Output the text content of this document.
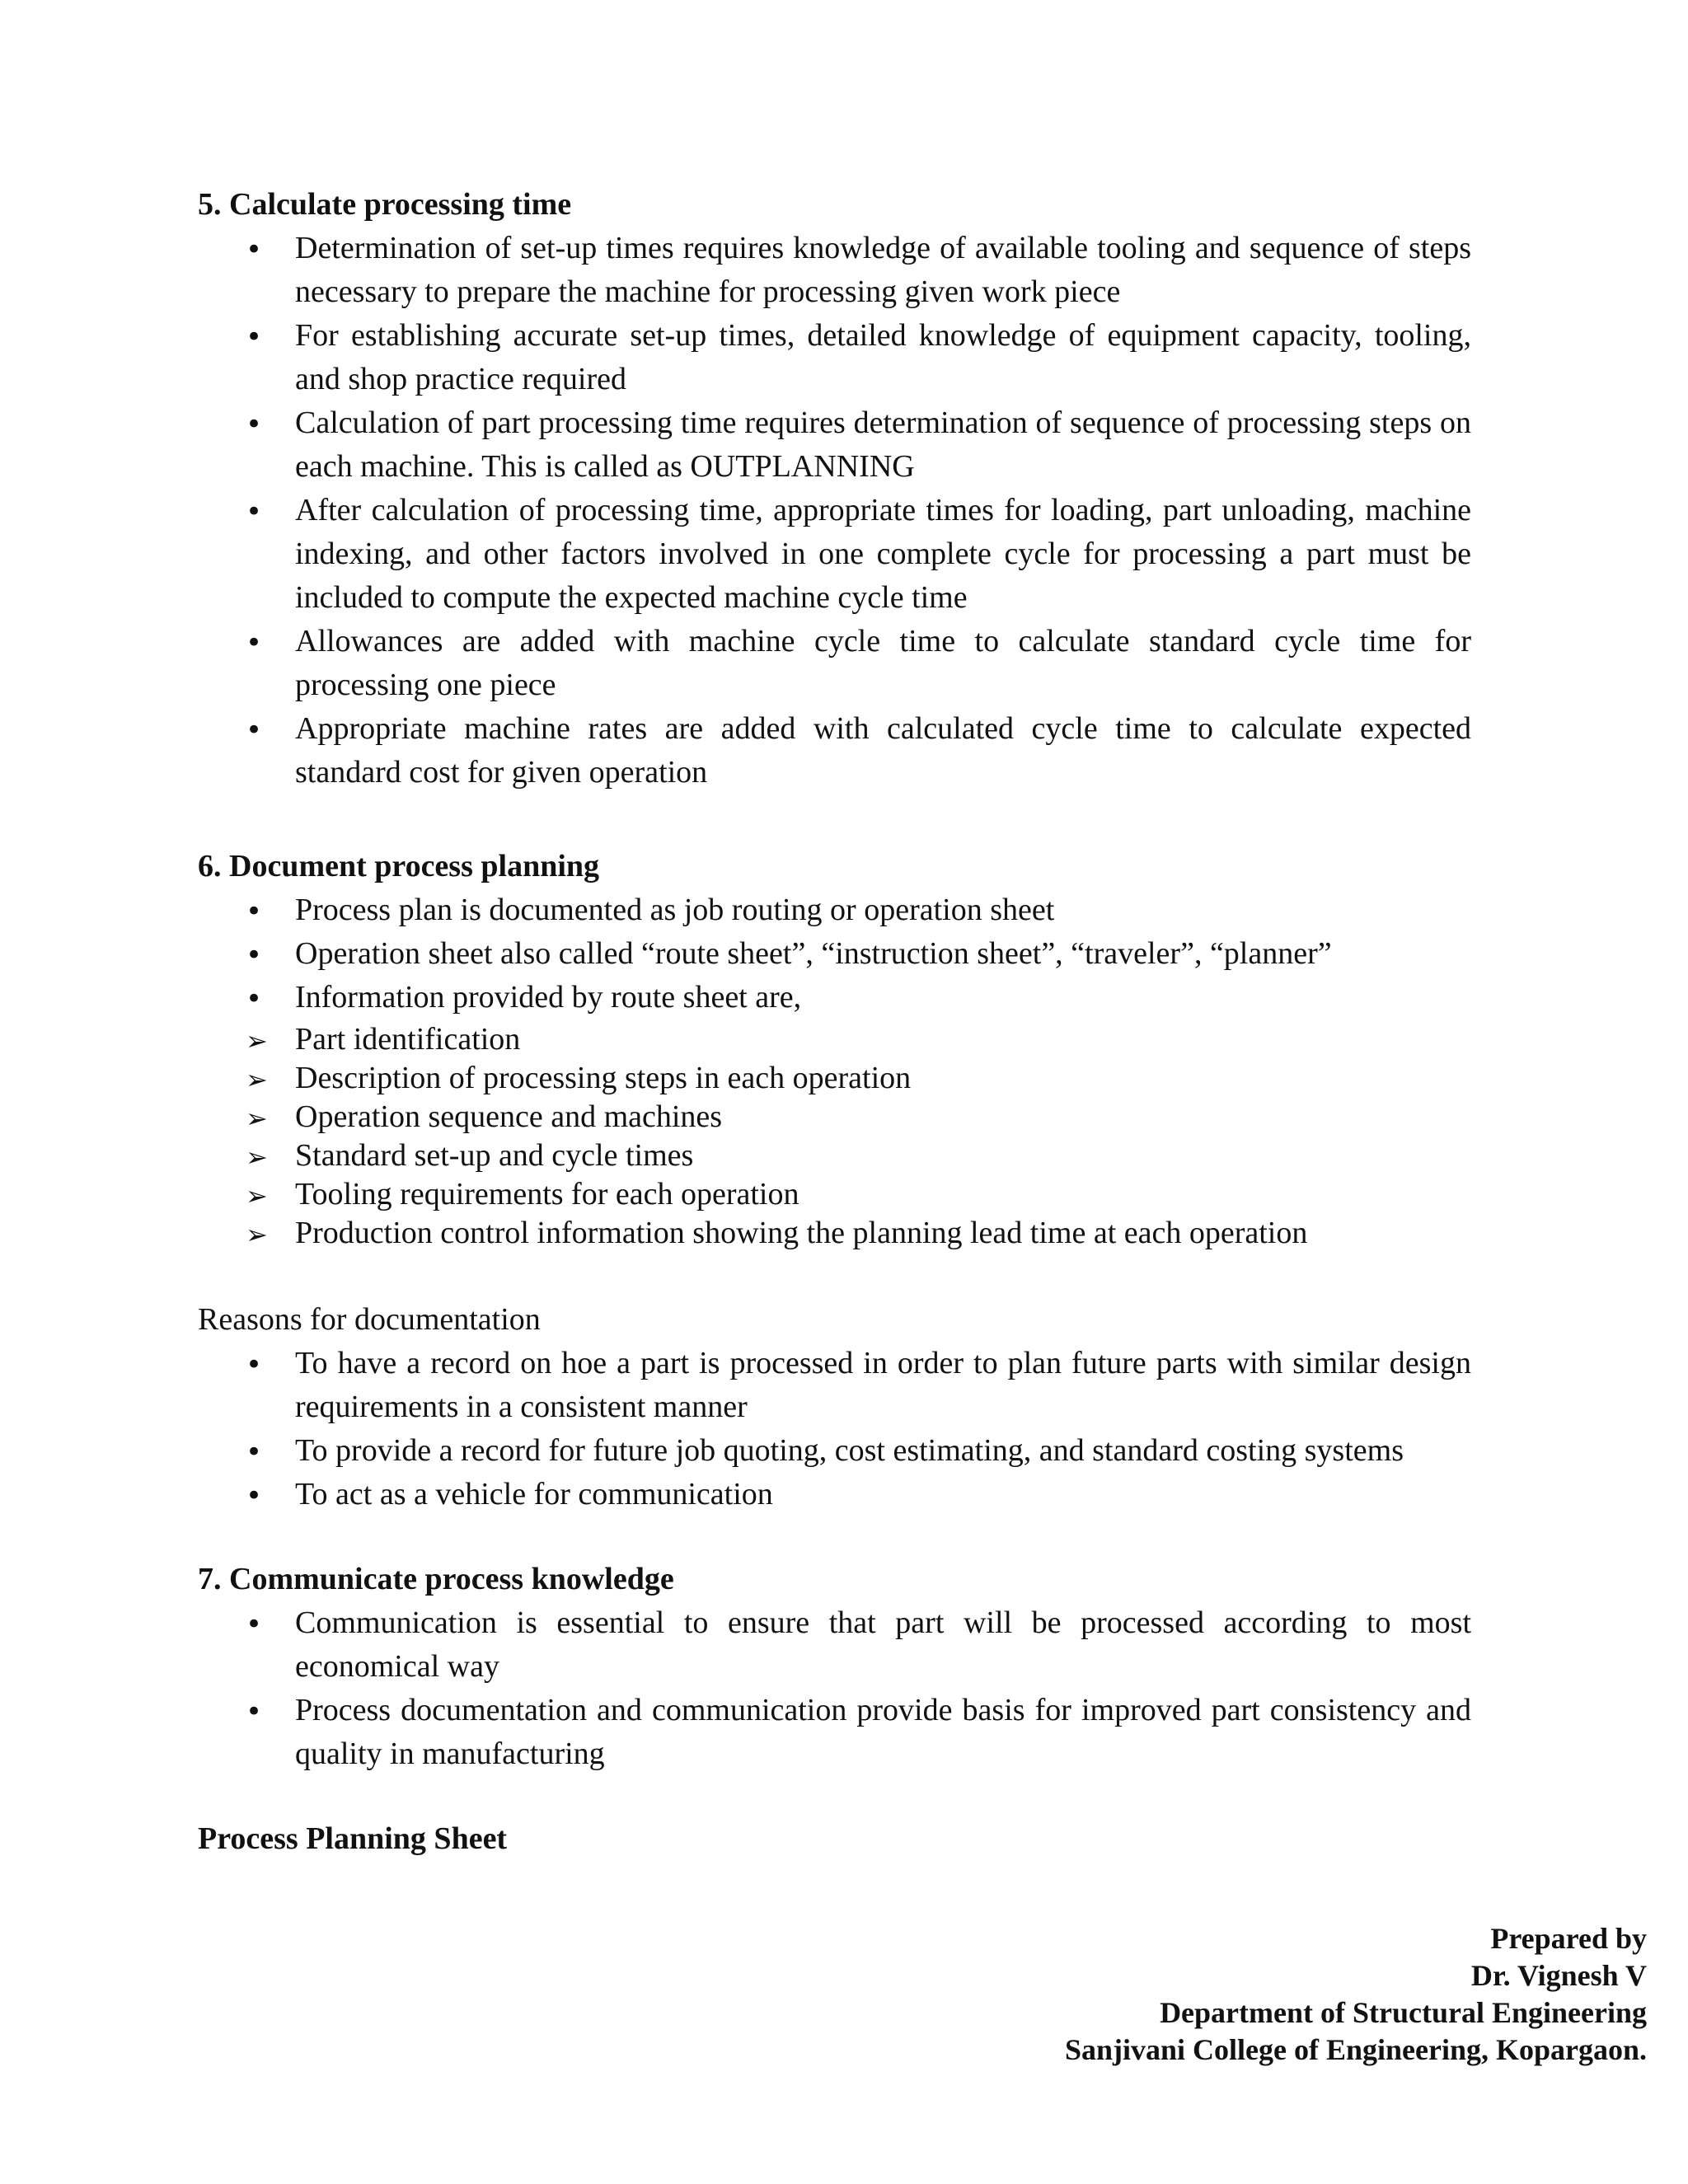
5. Calculate processing time
•
Determination of set-up times requires knowledge of available tooling and sequence of steps necessary to prepare the machine for processing given work piece
•
For establishing accurate set-up times, detailed knowledge of equipment capacity, tooling, and shop practice required
•
Calculation of part processing time requires determination of sequence of processing steps on each machine. This is called as OUTPLANNING
•
After calculation of processing time, appropriate times for loading, part unloading, machine indexing, and other factors involved in one complete cycle for processing a part must be included to compute the expected machine cycle time
•
Allowances are added with machine cycle time to calculate standard cycle time for processing one piece
•
Appropriate machine rates are added with calculated cycle time to calculate expected standard cost for given operation
6. Document process planning
•
Process plan is documented as job routing or operation sheet
•
Operation sheet also called “route sheet”, “instruction sheet”, “traveler”, “planner”
•
Information provided by route sheet are,
➢
Part identification
➢
Description of processing steps in each operation
➢
Operation sequence and machines
➢
Standard set-up and cycle times
➢
Tooling requirements for each operation
➢
Production control information showing the planning lead time at each operation
Reasons for documentation
•
To have a record on hoe a part is processed in order to plan future parts with similar design requirements in a consistent manner
•
To provide a record for future job quoting, cost estimating, and standard costing systems
•
To act as a vehicle for communication
7. Communicate process knowledge
•
Communication is essential to ensure that part will be processed according to most economical way
•
Process documentation and communication provide basis for improved part consistency and quality in manufacturing
Process Planning Sheet
Prepared by
Dr. Vignesh V
Department of Structural Engineering
Sanjivani College of Engineering, Kopargaon.
